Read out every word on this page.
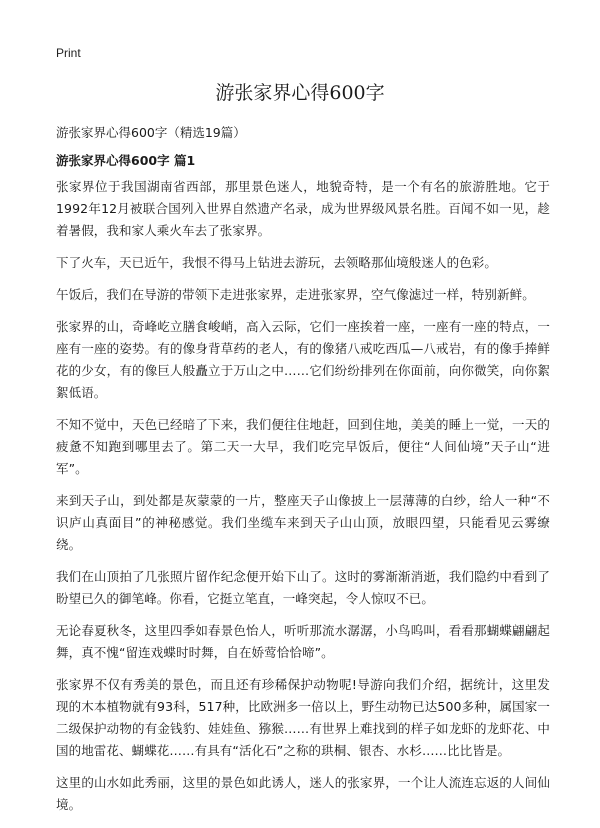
Print
游张家界心得600字

游张家界心得600字（精选19篇）

游张家界心得600字 篇1

张家界位于我国湖南省西部，那里景色迷人，地貌奇特，是一个有名的旅游胜地。它于1992年12月被联合国列入世界自然遗产名录，成为世界级风景名胜。百闻不如一见，趁着暑假，我和家人乘火车去了张家界。

下了火车，天已近午，我恨不得马上钻进去游玩，去领略那仙境般迷人的色彩。

午饭后，我们在导游的带领下走进张家界，走进张家界，空气像滤过一样，特别新鲜。

张家界的山，奇峰屹立膳食峻峭，高入云际，它们一座挨着一座，一座有一座的特点，一座有一座的姿势。有的像身背草药的老人，有的像猪八戒吃西瓜—八戒岩，有的像手捧鲜花的少女，有的像巨人般矗立于万山之中……它们纷纷排列在你面前，向你微笑，向你絮絮低语。

不知不觉中，天色已经暗了下来，我们便往住地赶，回到住地，美美的睡上一觉，一天的疲惫不知跑到哪里去了。第二天一大早，我们吃完早饭后，便往“人间仙境”天子山“进军”。

来到天子山，到处都是灰蒙蒙的一片，整座天子山像披上一层薄薄的白纱，给人一种“不识庐山真面目”的神秘感觉。我们坐缆车来到天子山山顶，放眼四望，只能看见云雾缭绕。

我们在山顶拍了几张照片留作纪念便开始下山了。这时的雾渐渐消逝，我们隐约中看到了盼望已久的御笔峰。你看，它挺立笔直，一峰突起，令人惊叹不已。

无论春夏秋冬，这里四季如春景色怡人，听听那流水潺潺，小鸟呜叫，看看那蝴蝶翩翩起舞，真不愧“留连戏蝶时时舞，自在娇莺恰恰啼”。

张家界不仅有秀美的景色，而且还有珍稀保护动物呢!导游向我们介绍，据统计，这里发现的木本植物就有93科，517种，比欧洲多一倍以上，野生动物已达500多种，属国家一二级保护动物的有金钱豹、娃娃鱼、猕猴……有世界上难找到的样子如龙虾的龙虾花、中国的地雷花、蝴蝶花……有具有“活化石”之称的珙桐、银杏、水杉……比比皆是。

这里的山水如此秀丽，这里的景色如此诱人，迷人的张家界，一个让人流连忘返的人间仙境。
